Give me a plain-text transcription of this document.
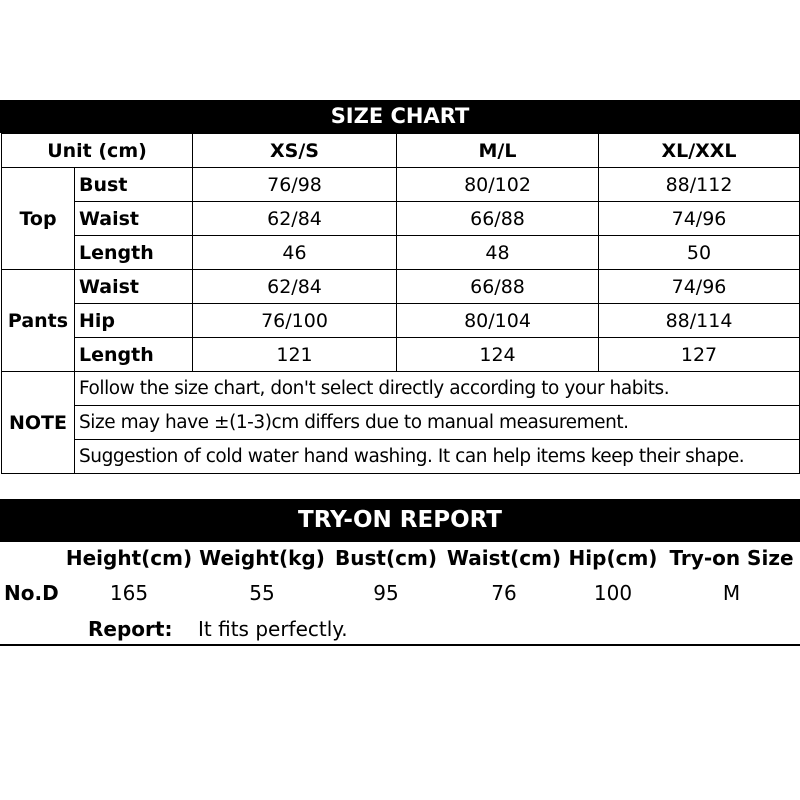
SIZE CHART
Unit (cm)		XS/S	M/L	XL/XXL
Top	Bust	76/98	80/102	88/112
	Waist	62/84	66/88	74/96
	Length	46	48	50
Pants	Waist	62/84	66/88	74/96
	Hip	76/100	80/104	88/114
	Length	121	124	127
NOTE	Follow the size chart, don't select directly according to your habits.			
	Size may have ±(1-3)cm differs due to manual measurement.			
	Suggestion of cold water hand washing. It can help items keep their shape.			
TRY-ON REPORT
Height(cm) Weight(kg) Bust(cm) Waist(cm) Hip(cm) Try-on Size
No.D	165	55	95	76	100	M
Report:	It fits perfectly.
